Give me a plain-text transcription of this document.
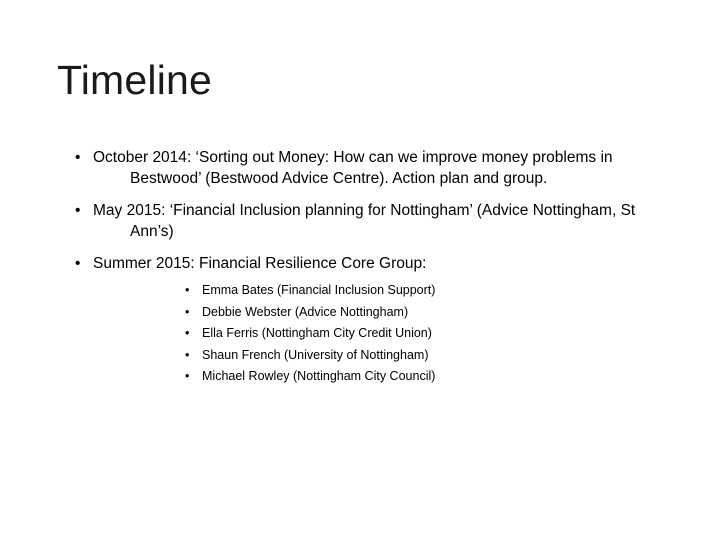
Timeline
• October 2014: ‘Sorting out Money: How can we improve money problems in Bestwood’ (Bestwood Advice Centre). Action plan and group.
• May 2015: ‘Financial Inclusion planning for Nottingham’ (Advice Nottingham, St Ann’s)
• Summer 2015: Financial Resilience Core Group:
•	Emma Bates (Financial Inclusion Support)
•	Debbie Webster (Advice Nottingham)
•	Ella Ferris (Nottingham City Credit Union)
•	Shaun French (University of Nottingham)
•	Michael Rowley (Nottingham City Council)
